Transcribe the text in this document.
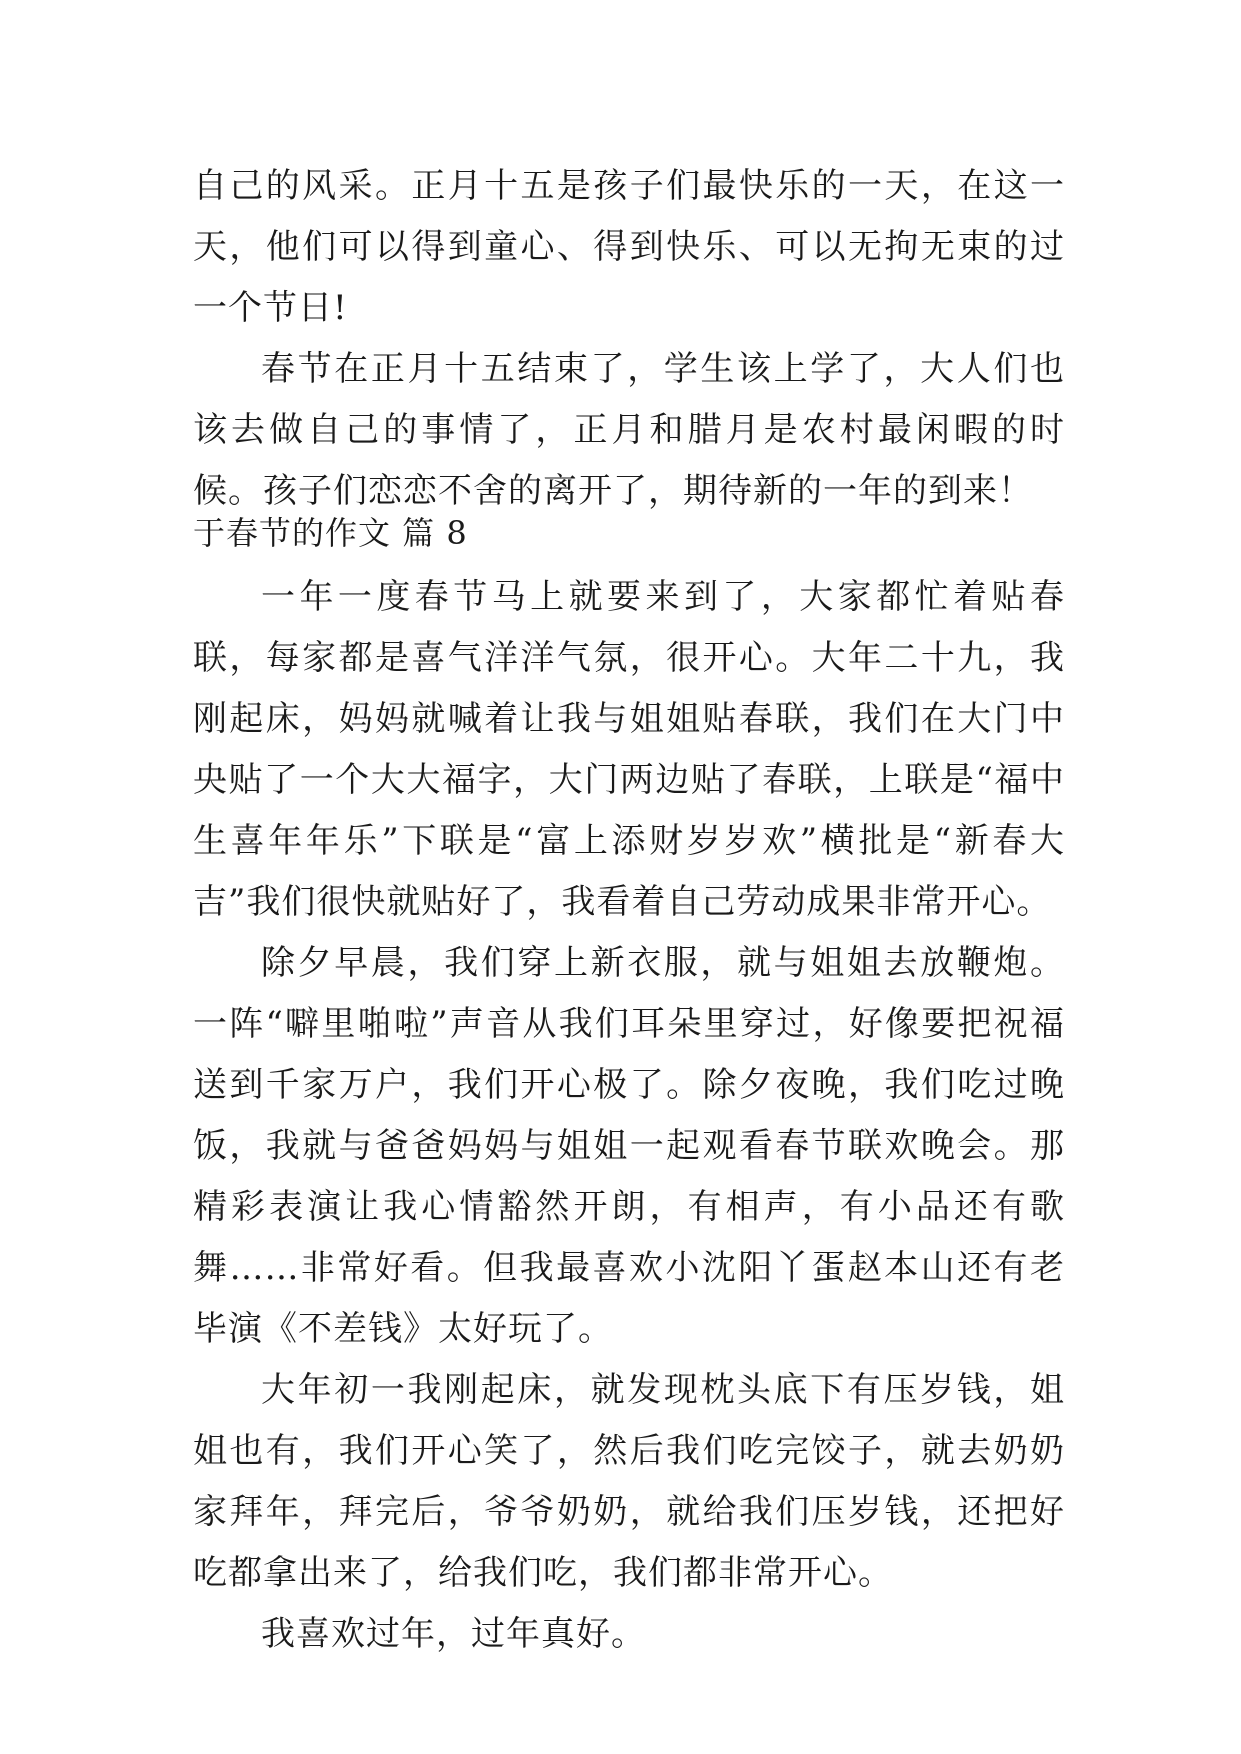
自己的风采。正月十五是孩子们最快乐的一天，在这一天，他们可以得到童心、得到快乐、可以无拘无束的过一个节日!

春节在正月十五结束了，学生该上学了，大人们也该去做自己的事情了，正月和腊月是农村最闲暇的时候。孩子们恋恋不舍的离开了，期待新的一年的到来！

于春节的作文 篇 8

一年一度春节马上就要来到了，大家都忙着贴春联，每家都是喜气洋洋气氛，很开心。大年二十九，我刚起床，妈妈就喊着让我与姐姐贴春联，我们在大门中央贴了一个大大福字，大门两边贴了春联，上联是“福中生喜年年乐”下联是“富上添财岁岁欢”横批是“新春大吉”我们很快就贴好了，我看着自己劳动成果非常开心。

除夕早晨，我们穿上新衣服，就与姐姐去放鞭炮。一阵“噼里啪啦”声音从我们耳朵里穿过，好像要把祝福送到千家万户，我们开心极了。除夕夜晚，我们吃过晚饭，我就与爸爸妈妈与姐姐一起观看春节联欢晚会。那精彩表演让我心情豁然开朗，有相声，有小品还有歌舞……非常好看。但我最喜欢小沈阳丫蛋赵本山还有老毕演《不差钱》太好玩了。

大年初一我刚起床，就发现枕头底下有压岁钱，姐姐也有，我们开心笑了，然后我们吃完饺子，就去奶奶家拜年，拜完后，爷爷奶奶，就给我们压岁钱，还把好吃都拿出来了，给我们吃，我们都非常开心。

我喜欢过年，过年真好。
